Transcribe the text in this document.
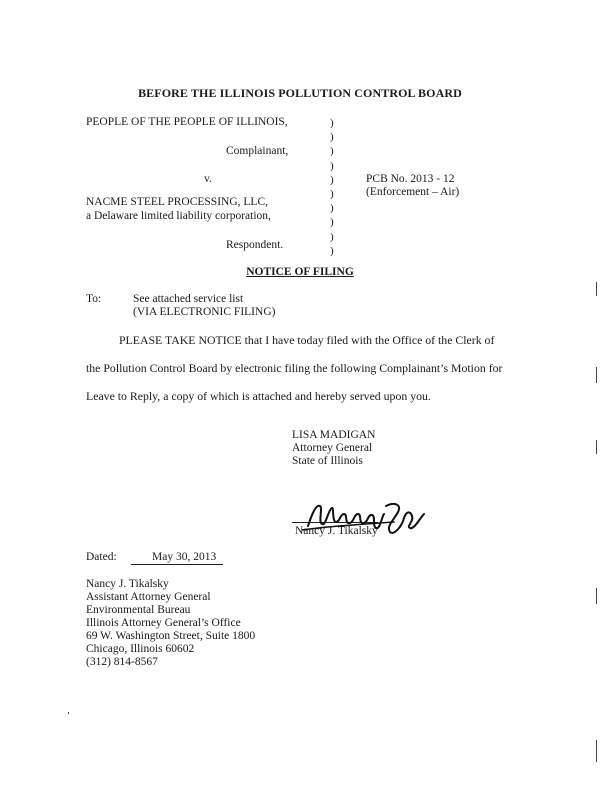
BEFORE THE ILLINOIS POLLUTION CONTROL BOARD
PEOPLE OF THE PEOPLE OF ILLINOIS,
Complainant,
v.
NACME STEEL PROCESSING, LLC,
a Delaware limited liability corporation,
Respondent.
)
)
)
)
)
)
)
)
)
)
PCB No. 2013 - 12
(Enforcement – Air)
NOTICE OF FILING
To:	See attached service list
(VIA ELECTRONIC FILING)
PLEASE TAKE NOTICE that I have today filed with the Office of the Clerk of
the Pollution Control Board by electronic filing the following Complainant’s Motion for
Leave to Reply, a copy of which is attached and hereby served upon you.
LISA MADIGAN
Attorney General
State of Illinois
Nancy J. Tikalsky
Dated:	May 30, 2013
Nancy J. Tikalsky
Assistant Attorney General
Environmental Bureau
Illinois Attorney General’s Office
69 W. Washington Street, Suite 1800
Chicago, Illinois 60602
(312) 814-8567
